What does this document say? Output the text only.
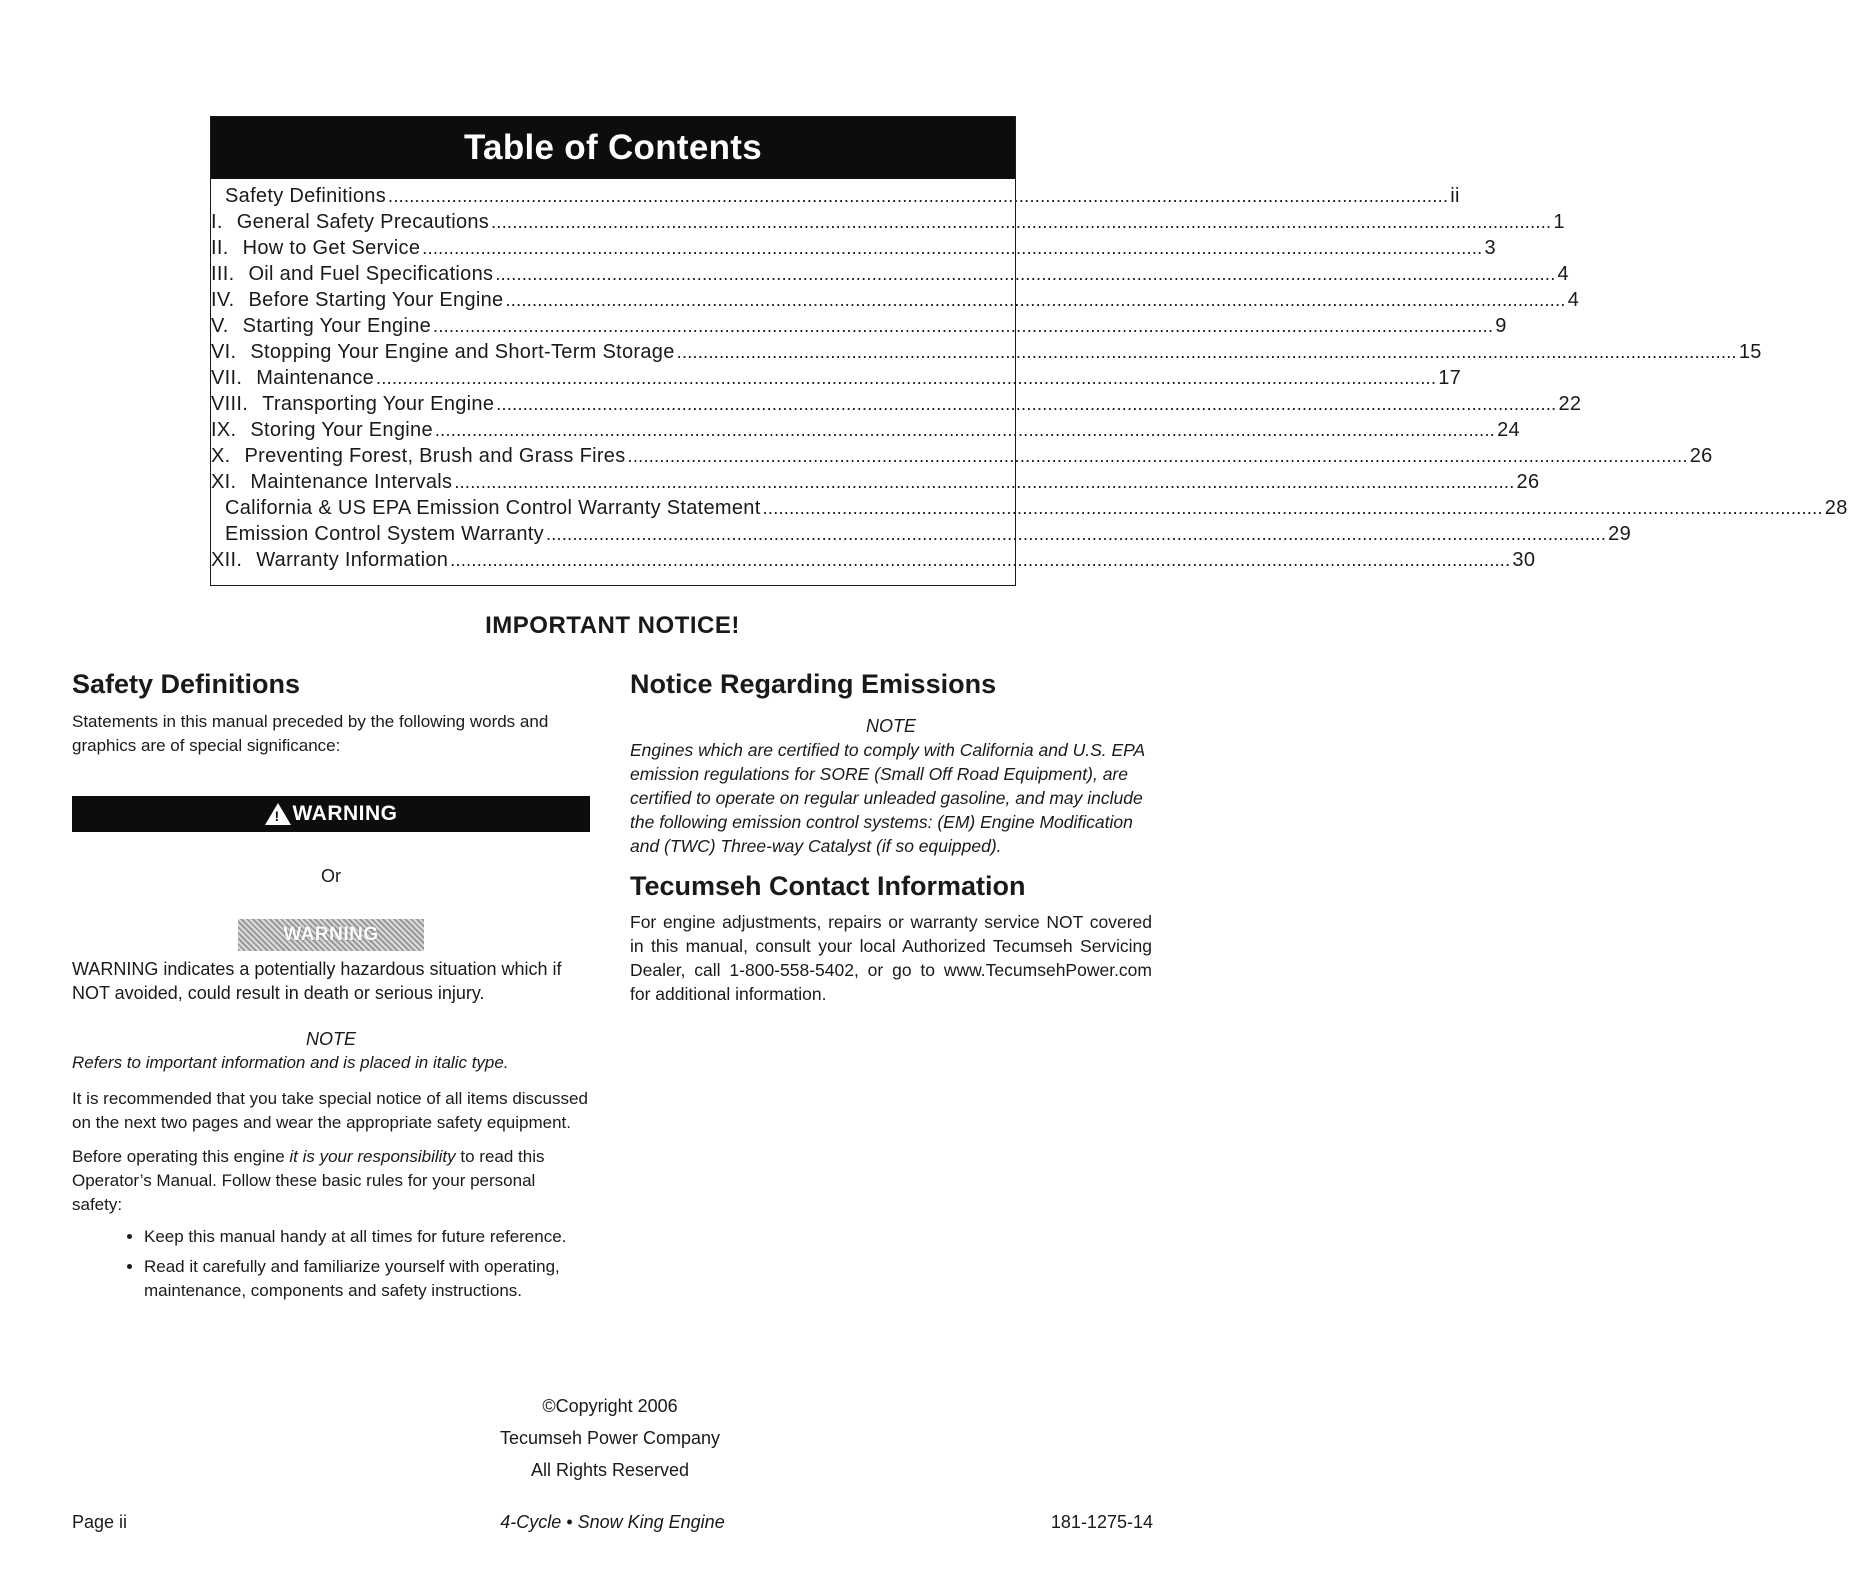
Table of Contents
Safety Definitions ........................................................................................................................................................................................................ ii
I. General Safety Precautions ........................................................................................................................................................................................................ 1
II. How to Get Service ........................................................................................................................................................................................................ 3
III. Oil and Fuel Specifications ........................................................................................................................................................................................................ 4
IV. Before Starting Your Engine ........................................................................................................................................................................................................ 4
V. Starting Your Engine ........................................................................................................................................................................................................ 9
VI. Stopping Your Engine and Short-Term Storage ........................................................................................................................................................................................................ 15
VII. Maintenance ........................................................................................................................................................................................................ 17
VIII. Transporting Your Engine ........................................................................................................................................................................................................ 22
IX. Storing Your Engine ........................................................................................................................................................................................................ 24
X. Preventing Forest, Brush and Grass Fires ........................................................................................................................................................................................................ 26
XI. Maintenance Intervals ........................................................................................................................................................................................................ 26
California & US EPA Emission Control Warranty Statement ........................................................................................................................................................................................................ 28
Emission Control System Warranty ........................................................................................................................................................................................................ 29
XII. Warranty Information ........................................................................................................................................................................................................ 30
IMPORTANT NOTICE!
Safety Definitions

Statements in this manual preceded by the following words and graphics are of special significance:

!
WARNING
Or
WARNING

WARNING indicates a potentially hazardous situation which if NOT avoided, could result in death or serious injury.

NOTE

Refers to important information and is placed in italic type.

It is recommended that you take special notice of all items discussed on the next two pages and wear the appropriate safety equipment.

Before operating this engine it is your responsibility to read this Operator’s Manual. Follow these basic rules for your personal safety:

• Keep this manual handy at all times for future reference.
• Read it carefully and familiarize yourself with operating, maintenance, components and safety instructions.
Notice Regarding Emissions
NOTE

Engines which are certified to comply with California and U.S. EPA emission regulations for SORE (Small Off Road Equipment), are certified to operate on regular unleaded gasoline, and may include the following emission control systems: (EM) Engine Modification and (TWC) Three-way Catalyst (if so equipped).

Tecumseh Contact Information

For engine adjustments, repairs or warranty service NOT covered in this manual, consult your local Authorized Tecumseh Servicing Dealer, call 1-800-558-5402, or go to www.TecumsehPower.com for additional information.

©Copyright 2006
Tecumseh Power Company
All Rights Reserved
Page ii	4-Cycle • Snow King Engine	181-1275-14
